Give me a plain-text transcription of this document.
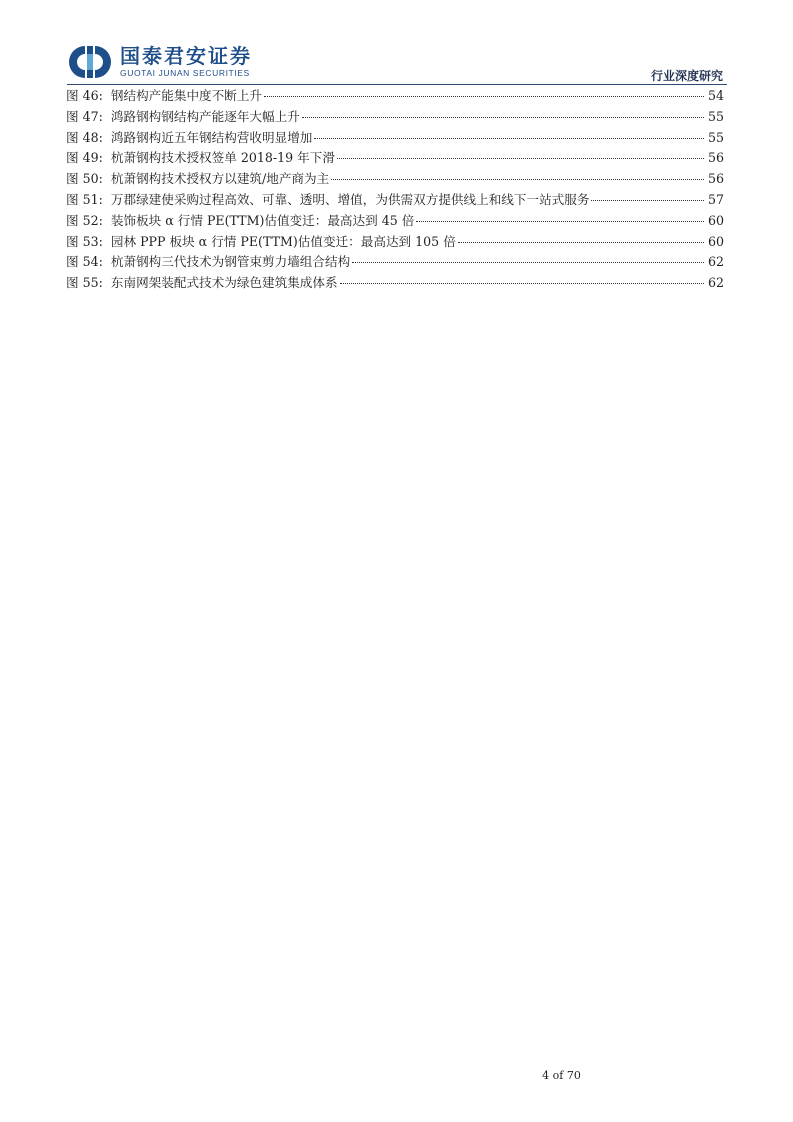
国泰君安证券
GUOTAI JUNAN SECURITIES	行业深度研究
图 46: 钢结构产能集中度不断上升	54
图 47: 鸿路钢构钢结构产能逐年大幅上升	55
图 48: 鸿路钢构近五年钢结构营收明显增加	55
图 49: 杭萧钢构技术授权签单 2018-19 年下滑	56
图 50: 杭萧钢构技术授权方以建筑/地产商为主	56
图 51: 万郡绿建使采购过程高效、可靠、透明、增值，为供需双方提供线上和线下一站式服务	57
图 52: 装饰板块 α 行情 PE(TTM)估值变迁：最高达到 45 倍	60
图 53: 园林 PPP 板块 α 行情 PE(TTM)估值变迁：最高达到 105 倍	60
图 54: 杭萧钢构三代技术为钢管束剪力墙组合结构	62
图 55: 东南网架装配式技术为绿色建筑集成体系	62
4 of 70
